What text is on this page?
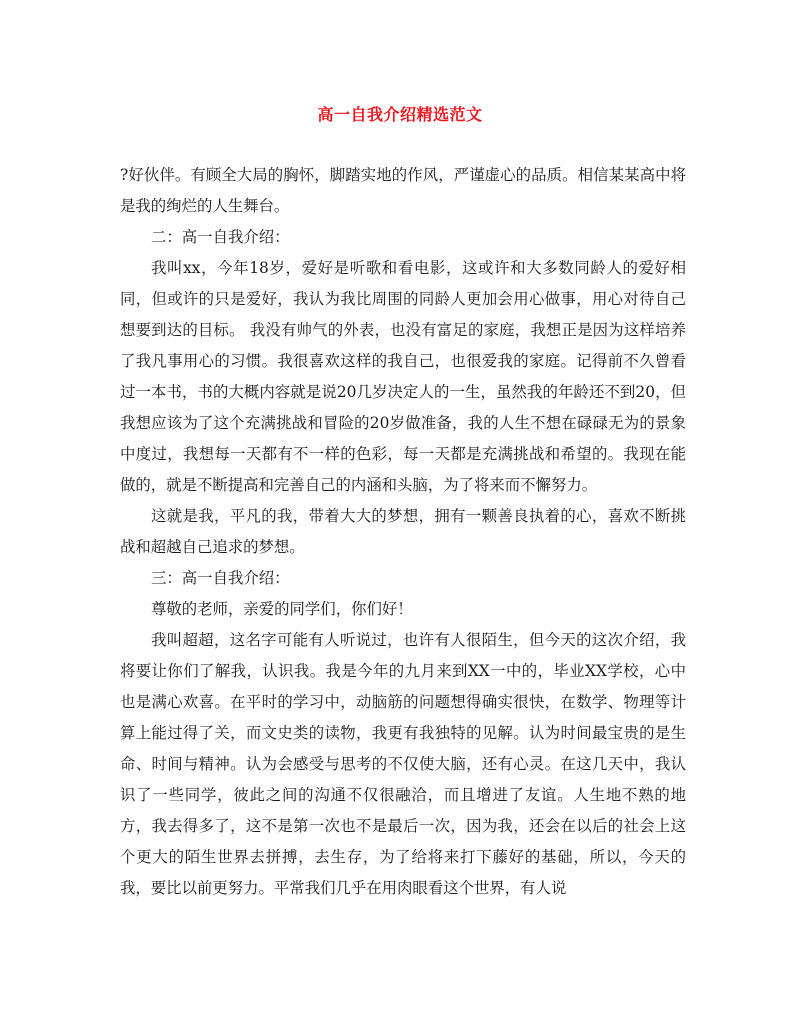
高一自我介绍精选范文

?好伙伴。有顾全大局的胸怀，脚踏实地的作风，严谨虚心的品质。相信某某高中将是我的绚烂的人生舞台。

二：高一自我介绍：

我叫xx，今年18岁，爱好是听歌和看电影，这或许和大多数同龄人的爱好相同，但或许的只是爱好，我认为我比周围的同龄人更加会用心做事，用心对待自己想要到达的目标。 我没有帅气的外表，也没有富足的家庭，我想正是因为这样培养了我凡事用心的习惯。我很喜欢这样的我自己，也很爱我的家庭。记得前不久曾看过一本书，书的大概内容就是说20几岁决定人的一生，虽然我的年龄还不到20，但我想应该为了这个充满挑战和冒险的20岁做准备，我的人生不想在碌碌无为的景象中度过，我想每一天都有不一样的色彩，每一天都是充满挑战和希望的。我现在能做的，就是不断提高和完善自己的内涵和头脑，为了将来而不懈努力。

这就是我，平凡的我，带着大大的梦想，拥有一颗善良执着的心，喜欢不断挑战和超越自己追求的梦想。

三：高一自我介绍：

尊敬的老师，亲爱的同学们，你们好！

我叫超超，这名字可能有人听说过，也许有人很陌生，但今天的这次介绍，我将要让你们了解我，认识我。我是今年的九月来到XX一中的，毕业XX学校，心中也是满心欢喜。在平时的学习中，动脑筋的问题想得确实很快，在数学、物理等计算上能过得了关，而文史类的读物，我更有我独特的见解。认为时间最宝贵的是生命、时间与精神。认为会感受与思考的不仅使大脑，还有心灵。在这几天中，我认识了一些同学，彼此之间的沟通不仅很融洽，而且增进了友谊。人生地不熟的地方，我去得多了，这不是第一次也不是最后一次，因为我，还会在以后的社会上这个更大的陌生世界去拼搏，去生存，为了给将来打下藤好的基础，所以，今天的我，要比以前更努力。平常我们几乎在用肉眼看这个世界，有人说
